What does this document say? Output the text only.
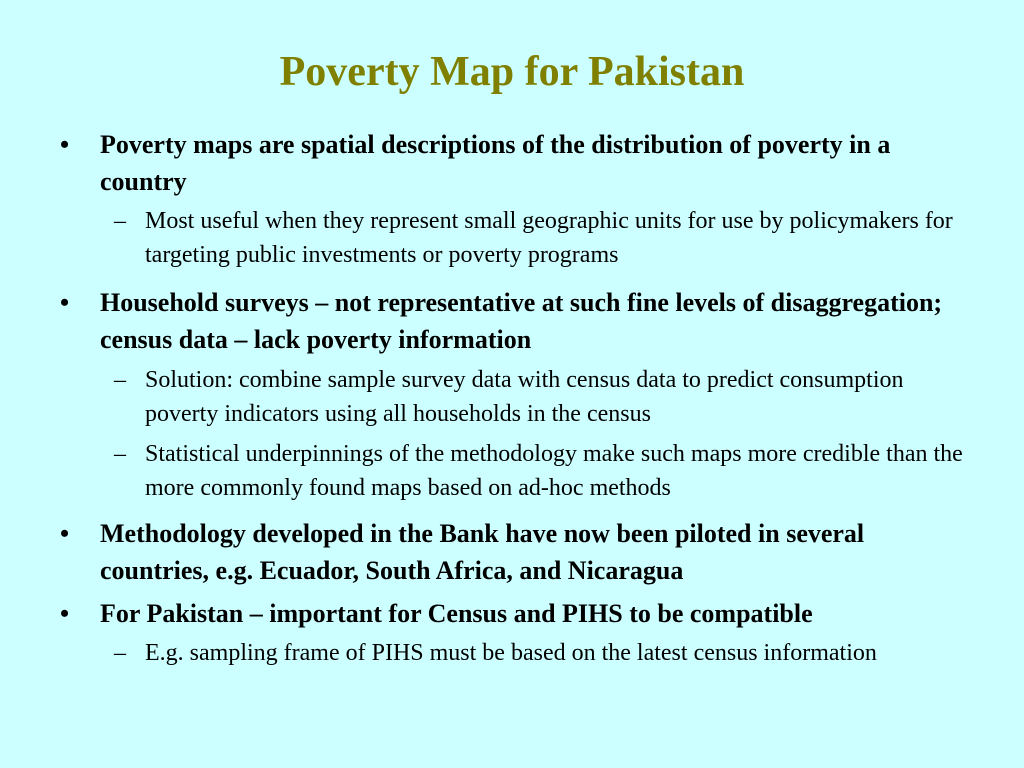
Poverty Map for Pakistan
• Poverty maps are spatial descriptions of the distribution of poverty in a country
– Most useful when they represent small geographic units for use by policymakers for targeting public investments or poverty programs
• Household surveys – not representative at such fine levels of disaggregation; census data – lack poverty information
– Solution: combine sample survey data with census data to predict consumption poverty indicators using all households in the census
– Statistical underpinnings of the methodology make such maps more credible than the more commonly found maps based on ad-hoc methods
• Methodology developed in the Bank have now been piloted in several countries, e.g. Ecuador, South Africa, and Nicaragua
• For Pakistan – important for Census and PIHS to be compatible
– E.g. sampling frame of PIHS must be based on the latest census information
